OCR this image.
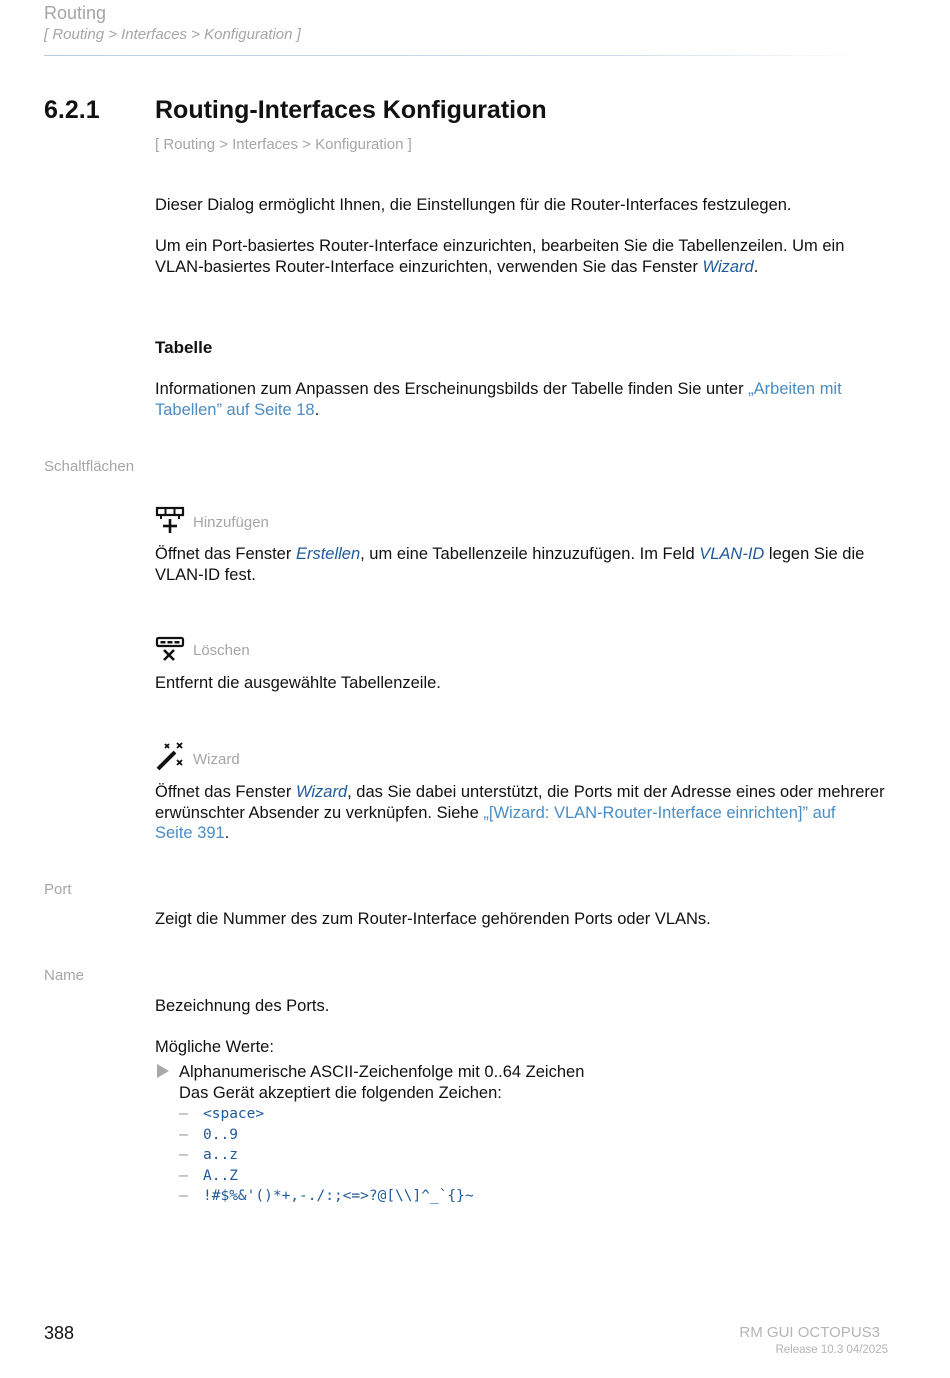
Routing
[ Routing > Interfaces > Konfiguration ]
6.2.1 Routing-Interfaces Konfiguration
[ Routing > Interfaces > Konfiguration ]
Dieser Dialog ermöglicht Ihnen, die Einstellungen für die Router-Interfaces festzulegen.
Um ein Port-basiertes Router-Interface einzurichten, bearbeiten Sie die Tabellenzeilen. Um ein
VLAN-basiertes Router-Interface einzurichten, verwenden Sie das Fenster Wizard.
Tabelle
Informationen zum Anpassen des Erscheinungsbilds der Tabelle finden Sie unter „Arbeiten mit
Tabellen” auf Seite 18.
Schaltflächen
Hinzufügen
Öffnet das Fenster Erstellen, um eine Tabellenzeile hinzuzufügen. Im Feld VLAN-ID legen Sie die
VLAN-ID fest.
Löschen
Entfernt die ausgewählte Tabellenzeile.
Wizard
Öffnet das Fenster Wizard, das Sie dabei unterstützt, die Ports mit der Adresse eines oder mehrerer
erwünschter Absender zu verknüpfen. Siehe „[Wizard: VLAN-Router-Interface einrichten]” auf
Seite 391.
Port
Zeigt die Nummer des zum Router-Interface gehörenden Ports oder VLANs.
Name
Bezeichnung des Ports.
Mögliche Werte:
Alphanumerische ASCII-Zeichenfolge mit 0..64 Zeichen
Das Gerät akzeptiert die folgenden Zeichen:
– <space>
– 0..9
– a..z
– A..Z
– !#$%&'()*+,-./:;<=>?@[\\]^_`{}~
388	RM GUI OCTOPUS3
Release 10.3 04/2025
